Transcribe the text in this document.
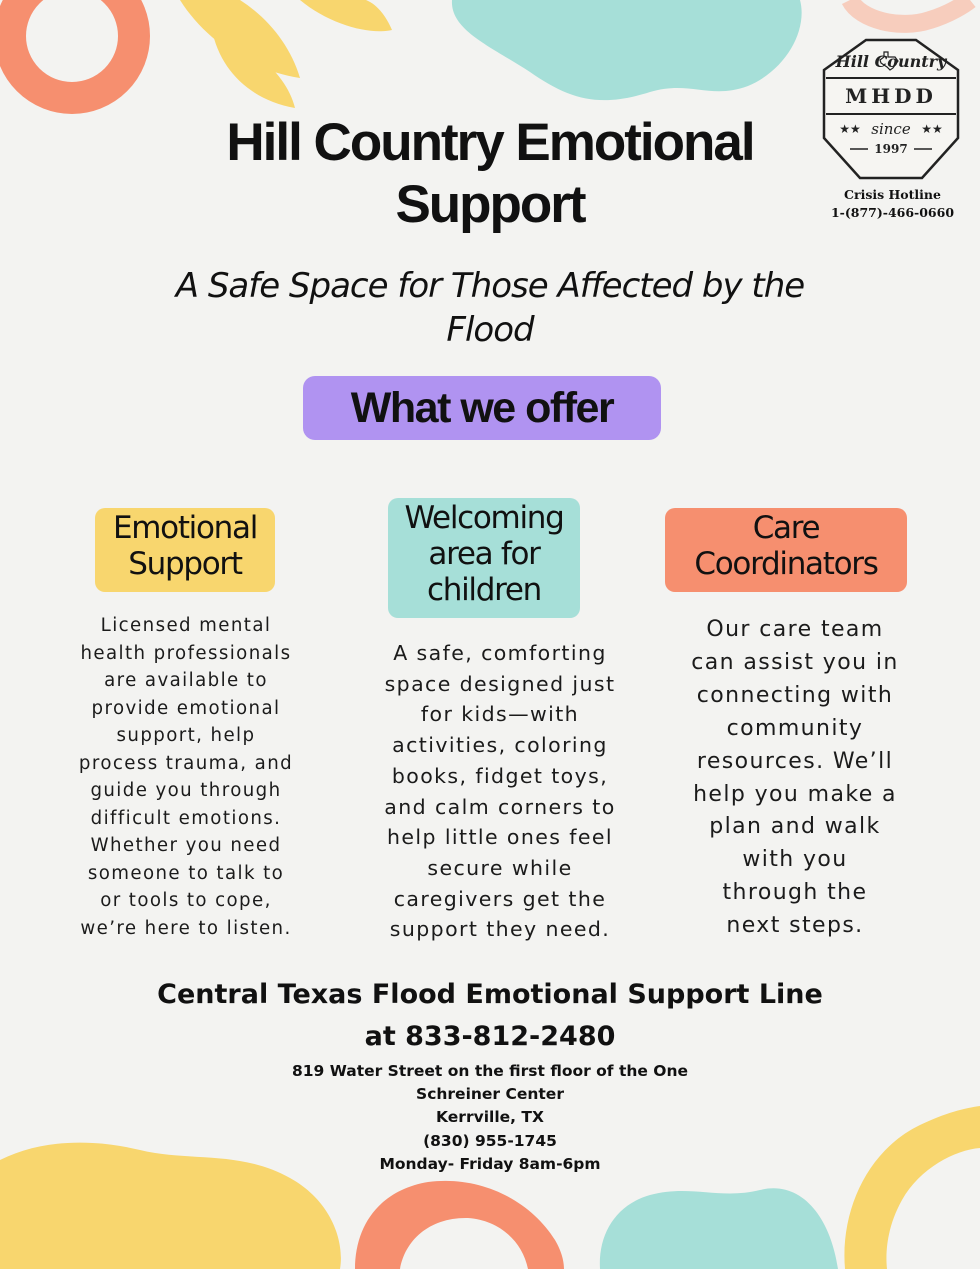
Hill Country
MHDD
★★	★★
since
1997
Crisis Hotline
1-(877)-466-0660
Hill Country Emotional
Support
A Safe Space for Those Affected by the
Flood
What we offer
Emotional
Support
Licensed mental
health professionals
are available to
provide emotional
support, help
process trauma, and
guide you through
difficult emotions.
Whether you need
someone to talk to
or tools to cope,
we’re here to listen.
Welcoming
area for
children
A safe, comforting
space designed just
for kids—with
activities, coloring
books, fidget toys,
and calm corners to
help little ones feel
secure while
caregivers get the
support they need.
Care
Coordinators
Our care team
can assist you in
connecting with
community
resources. We’ll
help you make a
plan and walk
with you
through the
next steps.
Central Texas Flood Emotional Support Line
at 833-812-2480
819 Water Street on the first floor of the One
Schreiner Center
Kerrville, TX
(830) 955-1745
Monday- Friday 8am-6pm
